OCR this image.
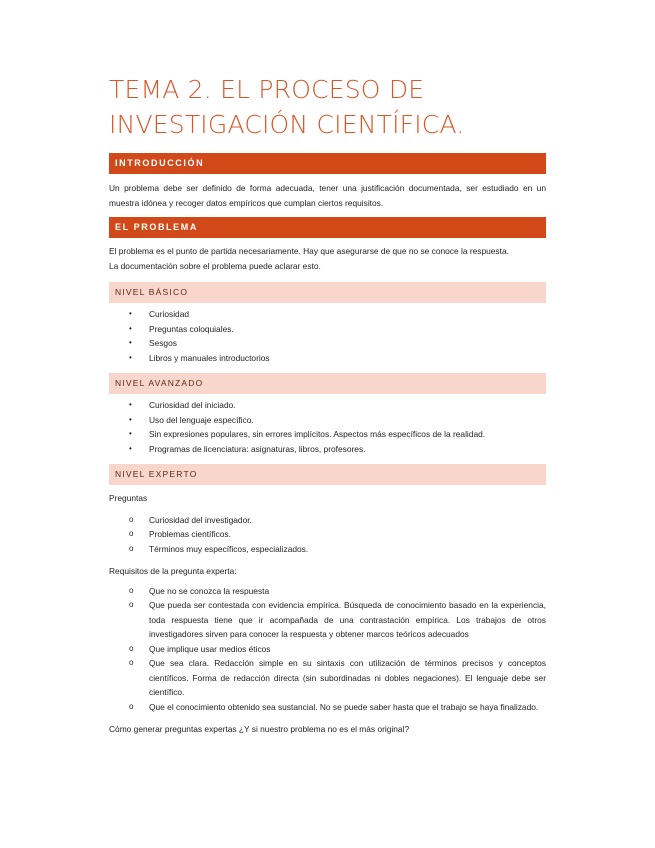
TEMA 2. EL PROCESO DE
INVESTIGACIÓN CIENTÍFICA.
INTRODUCCIÓN
Un problema debe ser definido de forma adecuada, tener una justificación documentada, ser estudiado en un muestra idónea y recoger datos empíricos que cumplan ciertos requisitos.
EL PROBLEMA
El problema es el punto de partida necesariamente. Hay que asegurarse de que no se conoce la respuesta.
La documentación sobre el problema puede aclarar esto.
NIVEL BÁSICO
•	Curiosidad
•	Preguntas coloquiales.
•	Sesgos
•	Libros y manuales introductorios
NIVEL AVANZADO
•	Curiosidad del iniciado.
•	Uso del lenguaje específico.
•	Sin expresiones populares, sin errores implícitos. Aspectos más específicos de la realidad.
•	Programas de licenciatura: asignaturas, libros, profesores.
NIVEL EXPERTO
Preguntas
o	Curiosidad del investigador.
o	Problemas científicos.
o	Términos muy específicos, especializados.
Requisitos de la pregunta experta:
o	Que no se conozca la respuesta
o	Que pueda ser contestada con evidencia empírica. Búsqueda de conocimiento basado en la experiencia, toda respuesta tiene que ir acompañada de una contrastación empírica. Los trabajos de otros investigadores sirven para conocer la respuesta y obtener marcos teóricos adecuados
o	Que implique usar medios éticos
o	Que sea clara. Redacción simple en su sintaxis con utilización de términos precisos y conceptos científicos. Forma de redacción directa (sin subordinadas ni dobles negaciones). El lenguaje debe ser científico.
o	Que el conocimiento obtenido sea sustancial. No se puede saber hasta que el trabajo se haya finalizado.
Cómo generar preguntas expertas ¿Y si nuestro problema no es el más original?
